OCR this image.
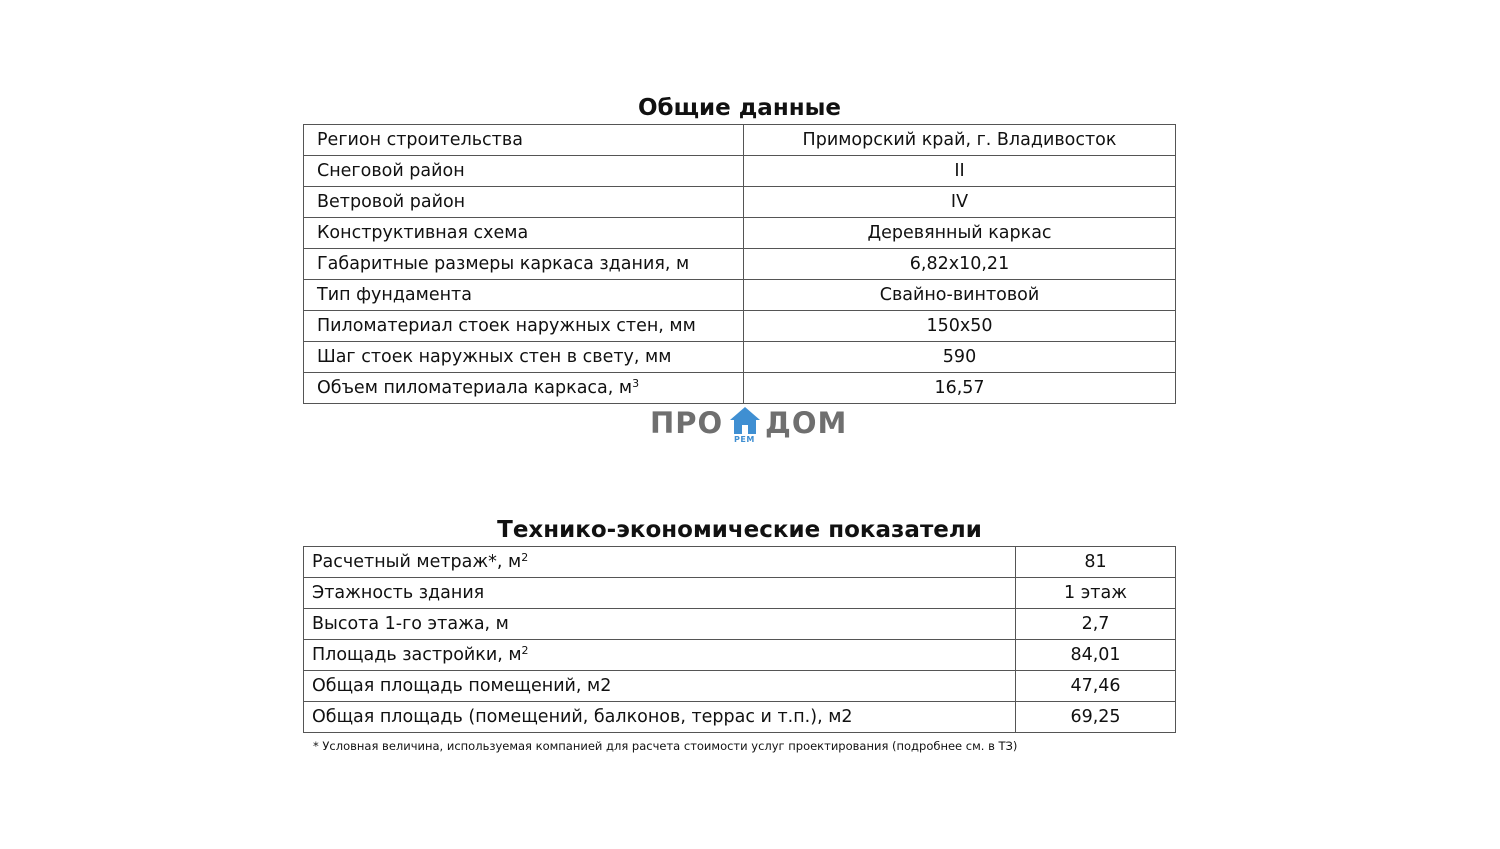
Общие данные
Регион строительства	Приморский край, г. Владивосток
Снеговой район	II
Ветровой район	IV
Конструктивная схема	Деревянный каркас
Габаритные размеры каркаса здания, м	6,82x10,21
Тип фундамента	Свайно-винтовой
Пиломатериал стоек наружных стен, мм	150x50
Шаг стоек наружных стен в свету, мм	590
Объем пиломатериала каркаса, $м^3$	16,57
ПРО РЕМ ДОМ
Технико-экономические показатели
Расчетный метраж*, $м^2$	81
Этажность здания	1 этаж
Высота 1-го этажа, м	2,7
Площадь застройки, $м^2$	84,01
Общая площадь помещений, м2	47,46
Общая площадь (помещений, балконов, террас и т.п.), м2	69,25
* Условная величина, используемая компанией для расчета стоимости услуг проектирования (подробнее см. в ТЗ)
